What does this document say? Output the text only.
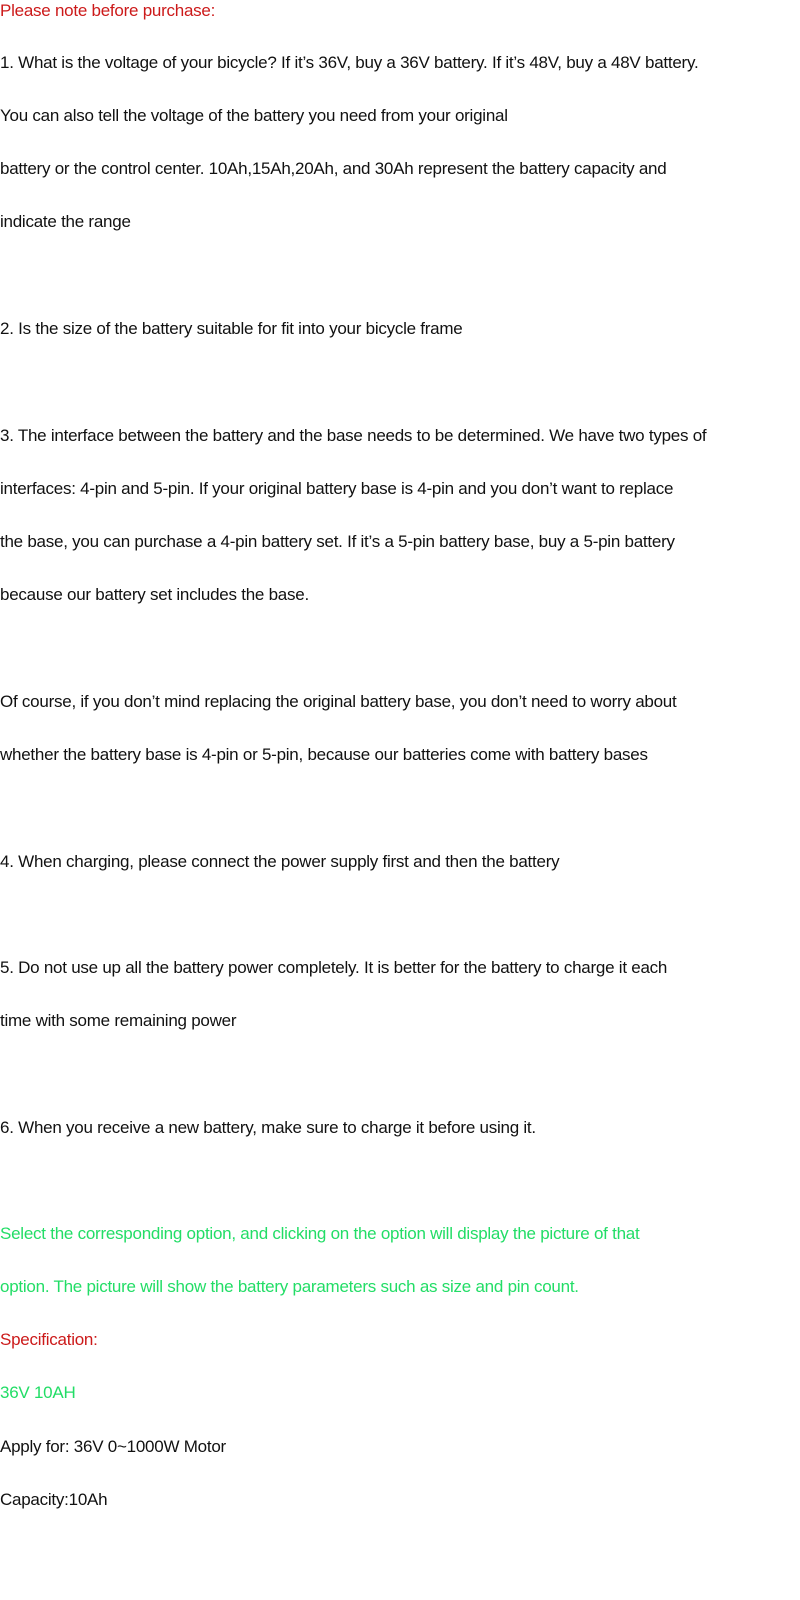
Please note before purchase:
1. What is the voltage of your bicycle? If it’s 36V, buy a 36V battery. If it’s 48V, buy a 48V battery.
You can also tell the voltage of the battery you need from your original
battery or the control center. 10Ah,15Ah,20Ah, and 30Ah represent the battery capacity and
indicate the range
2. Is the size of the battery suitable for fit into your bicycle frame
3. The interface between the battery and the base needs to be determined. We have two types of
interfaces: 4-pin and 5-pin. If your original battery base is 4-pin and you don’t want to replace
the base, you can purchase a 4-pin battery set. If it’s a 5-pin battery base, buy a 5-pin battery
because our battery set includes the base.
Of course, if you don’t mind replacing the original battery base, you don’t need to worry about
whether the battery base is 4-pin or 5-pin, because our batteries come with battery bases
4. When charging, please connect the power supply first and then the battery
5. Do not use up all the battery power completely. It is better for the battery to charge it each
time with some remaining power
6. When you receive a new battery, make sure to charge it before using it.
Select the corresponding option, and clicking on the option will display the picture of that
option. The picture will show the battery parameters such as size and pin count.
Specification:
36V 10AH
Apply for: 36V 0~1000W Motor
Capacity:10Ah
